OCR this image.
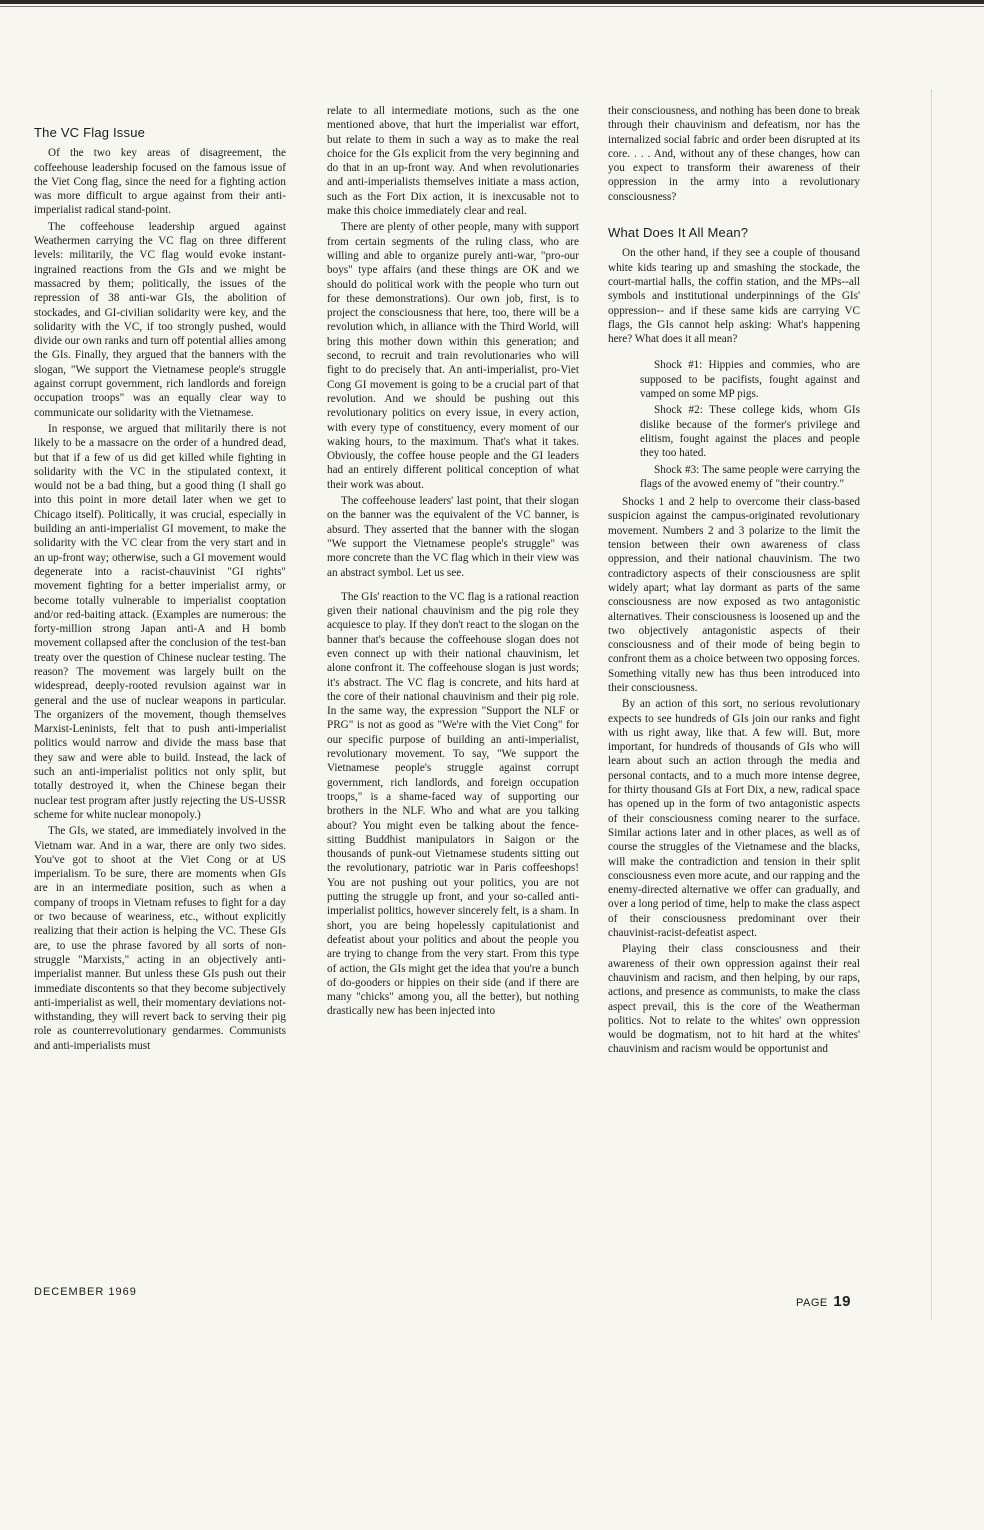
The VC Flag Issue

Of the two key areas of disagreement, the coffeehouse leadership focused on the famous issue of the Viet Cong flag, since the need for a fighting action was more difficult to argue against from their anti-imperialist radical stand-point.

The coffeehouse leadership argued against Weathermen carrying the VC flag on three different levels: militarily, the VC flag would evoke instant-ingrained reactions from the GIs and we might be massacred by them; politically, the issues of the repression of 38 anti-war GIs, the abolition of stockades, and GI-civilian solidarity were key, and the solidarity with the VC, if too strongly pushed, would divide our own ranks and turn off potential allies among the GIs. Finally, they argued that the banners with the slogan, "We support the Vietnamese people's struggle against corrupt government, rich landlords and foreign occupation troops" was an equally clear way to communicate our solidarity with the Vietnamese.

In response, we argued that militarily there is not likely to be a massacre on the order of a hundred dead, but that if a few of us did get killed while fighting in solidarity with the VC in the stipulated context, it would not be a bad thing, but a good thing (I shall go into this point in more detail later when we get to Chicago itself). Politically, it was crucial, especially in building an anti-imperialist GI movement, to make the solidarity with the VC clear from the very start and in an up-front way; otherwise, such a GI movement would degenerate into a racist-chauvinist "GI rights" movement fighting for a better imperialist army, or become totally vulnerable to imperialist cooptation and/or red-baiting attack. (Examples are numerous: the forty-million strong Japan anti-A and H bomb movement collapsed after the conclusion of the test-ban treaty over the question of Chinese nuclear testing. The reason? The movement was largely built on the widespread, deeply-rooted revulsion against war in general and the use of nuclear weapons in particular. The organizers of the movement, though themselves Marxist-Leninists, felt that to push anti-imperialist politics would narrow and divide the mass base that they saw and were able to build. Instead, the lack of such an anti-imperialist politics not only split, but totally destroyed it, when the Chinese began their nuclear test program after justly rejecting the US-USSR scheme for white nuclear monopoly.)

The GIs, we stated, are immediately involved in the Vietnam war. And in a war, there are only two sides. You've got to shoot at the Viet Cong or at US imperialism. To be sure, there are moments when GIs are in an intermediate position, such as when a company of troops in Vietnam refuses to fight for a day or two because of weariness, etc., without explicitly realizing that their action is helping the VC. These GIs are, to use the phrase favored by all sorts of non-struggle "Marxists," acting in an objectively anti-imperialist manner. But unless these GIs push out their immediate discontents so that they become subjectively anti-imperialist as well, their momentary deviations not-withstanding, they will revert back to serving their pig role as counterrevolutionary gendarmes. Communists and anti-imperialists must

relate to all intermediate motions, such as the one mentioned above, that hurt the imperialist war effort, but relate to them in such a way as to make the real choice for the GIs explicit from the very beginning and do that in an up-front way. And when revolutionaries and anti-imperialists themselves initiate a mass action, such as the Fort Dix action, it is inexcusable not to make this choice immediately clear and real.

There are plenty of other people, many with support from certain segments of the ruling class, who are willing and able to organize purely anti-war, "pro-our boys" type affairs (and these things are OK and we should do political work with the people who turn out for these demonstrations). Our own job, first, is to project the consciousness that here, too, there will be a revolution which, in alliance with the Third World, will bring this mother down within this generation; and second, to recruit and train revolutionaries who will fight to do precisely that. An anti-imperialist, pro-Viet Cong GI movement is going to be a crucial part of that revolution. And we should be pushing out this revolutionary politics on every issue, in every action, with every type of constituency, every moment of our waking hours, to the maximum. That's what it takes. Obviously, the coffee house people and the GI leaders had an entirely different political conception of what their work was about.

The coffeehouse leaders' last point, that their slogan on the banner was the equivalent of the VC banner, is absurd. They asserted that the banner with the slogan "We support the Vietnamese people's struggle" was more concrete than the VC flag which in their view was an abstract symbol. Let us see.

The GIs' reaction to the VC flag is a rational reaction given their national chauvinism and the pig role they acquiesce to play. If they don't react to the slogan on the banner that's because the coffeehouse slogan does not even connect up with their national chauvinism, let alone confront it. The coffeehouse slogan is just words; it's abstract. The VC flag is concrete, and hits hard at the core of their national chauvinism and their pig role. In the same way, the expression "Support the NLF or PRG" is not as good as "We're with the Viet Cong" for our specific purpose of building an anti-imperialist, revolutionary movement. To say, "We support the Vietnamese people's struggle against corrupt government, rich landlords, and foreign occupation troops," is a shame-faced way of supporting our brothers in the NLF. Who and what are you talking about? You might even be talking about the fence-sitting Buddhist manipulators in Saigon or the thousands of punk-out Vietnamese students sitting out the revolutionary, patriotic war in Paris coffeeshops! You are not pushing out your politics, you are not putting the struggle up front, and your so-called anti-imperialist politics, however sincerely felt, is a sham. In short, you are being hopelessly capitulationist and defeatist about your politics and about the people you are trying to change from the very start. From this type of action, the GIs might get the idea that you're a bunch of do-gooders or hippies on their side (and if there are many "chicks" among you, all the better), but nothing drastically new has been injected into

their consciousness, and nothing has been done to break through their chauvinism and defeatism, nor has the internalized social fabric and order been disrupted at its core. . . . And, without any of these changes, how can you expect to transform their awareness of their oppression in the army into a revolutionary consciousness?

What Does It All Mean?

On the other hand, if they see a couple of thousand white kids tearing up and smashing the stockade, the court-martial halls, the coffin station, and the MPs--all symbols and institutional underpinnings of the GIs' oppression-- and if these same kids are carrying VC flags, the GIs cannot help asking: What's happening here? What does it all mean?

Shock #1: Hippies and commies, who are supposed to be pacifists, fought against and vamped on some MP pigs.

Shock #2: These college kids, whom GIs dislike because of the former's privilege and elitism, fought against the places and people they too hated.

Shock #3: The same people were carrying the flags of the avowed enemy of "their country."

Shocks 1 and 2 help to overcome their class-based suspicion against the campus-originated revolutionary movement. Numbers 2 and 3 polarize to the limit the tension between their own awareness of class oppression, and their national chauvinism. The two contradictory aspects of their consciousness are split widely apart; what lay dormant as parts of the same consciousness are now exposed as two antagonistic alternatives. Their consciousness is loosened up and the two objectively antagonistic aspects of their consciousness and of their mode of being begin to confront them as a choice between two opposing forces. Something vitally new has thus been introduced into their consciousness.

By an action of this sort, no serious revolutionary expects to see hundreds of GIs join our ranks and fight with us right away, like that. A few will. But, more important, for hundreds of thousands of GIs who will learn about such an action through the media and personal contacts, and to a much more intense degree, for thirty thousand GIs at Fort Dix, a new, radical space has opened up in the form of two antagonistic aspects of their consciousness coming nearer to the surface. Similar actions later and in other places, as well as of course the struggles of the Vietnamese and the blacks, will make the contradiction and tension in their split consciousness even more acute, and our rapping and the enemy-directed alternative we offer can gradually, and over a long period of time, help to make the class aspect of their consciousness predominant over their chauvinist-racist-defeatist aspect.

Playing their class consciousness and their awareness of their own oppression against their real chauvinism and racism, and then helping, by our raps, actions, and presence as communists, to make the class aspect prevail, this is the core of the Weatherman politics. Not to relate to the whites' own oppression would be dogmatism, not to hit hard at the whites' chauvinism and racism would be opportunist and

DECEMBER 1969
PAGE 19
